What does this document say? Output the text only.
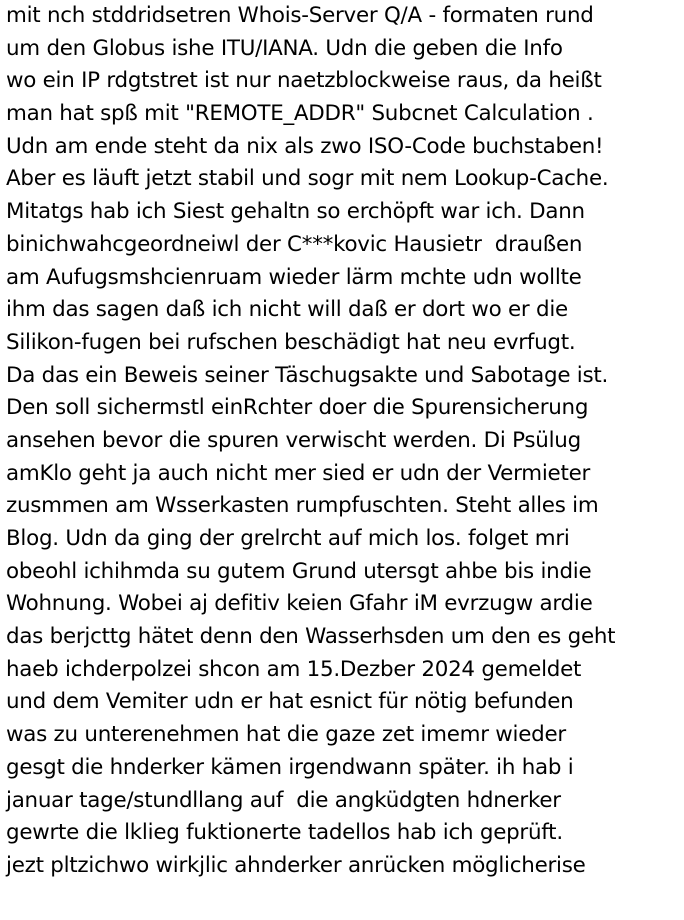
mit nch stddridsetren Whois-Server Q/A - formaten rund
um den Globus ishe ITU/IANA. Udn die geben die Info
wo ein IP rdgtstret ist nur naetzblockweise raus, da heißt
man hat spß mit "REMOTE_ADDR" Subcnet Calculation .
Udn am ende steht da nix als zwo ISO-Code buchstaben!
Aber es läuft jetzt stabil und sogr mit nem Lookup-Cache.
Mitatgs hab ich Siest gehaltn so erchöpft war ich. Dann
binichwahcgeordneiwl der C***kovic Hausietr  draußen
am Aufugsmshcienruam wieder lärm mchte udn wollte
ihm das sagen daß ich nicht will daß er dort wo er die
Silikon-fugen bei rufschen beschädigt hat neu evrfugt.
Da das ein Beweis seiner Täschugsakte und Sabotage ist.
Den soll sichermstl einRchter doer die Spurensicherung
ansehen bevor die spuren verwischt werden. Di Psülug
amKlo geht ja auch nicht mer sied er udn der Vermieter
zusmmen am Wsserkasten rumpfuschten. Steht alles im
Blog. Udn da ging der grelrcht auf mich los. folget mri
obeohl ichihmda su gutem Grund utersgt ahbe bis indie
Wohnung. Wobei aj defitiv keien Gfahr iM evrzugw ardie
das berjcttg hätet denn den Wasserhsden um den es geht
haeb ichderpolzei shcon am 15.Dezber 2024 gemeldet
und dem Vemiter udn er hat esnict für nötig befunden
was zu unterenehmen hat die gaze zet imemr wieder
gesgt die hnderker kämen irgendwann später. ih hab i
januar tage/stundllang auf  die angküdgten hdnerker
gewrte die lklieg fuktionerte tadellos hab ich geprüft.
jezt pltzichwo wirkjlic ahnderker anrücken möglicherise
